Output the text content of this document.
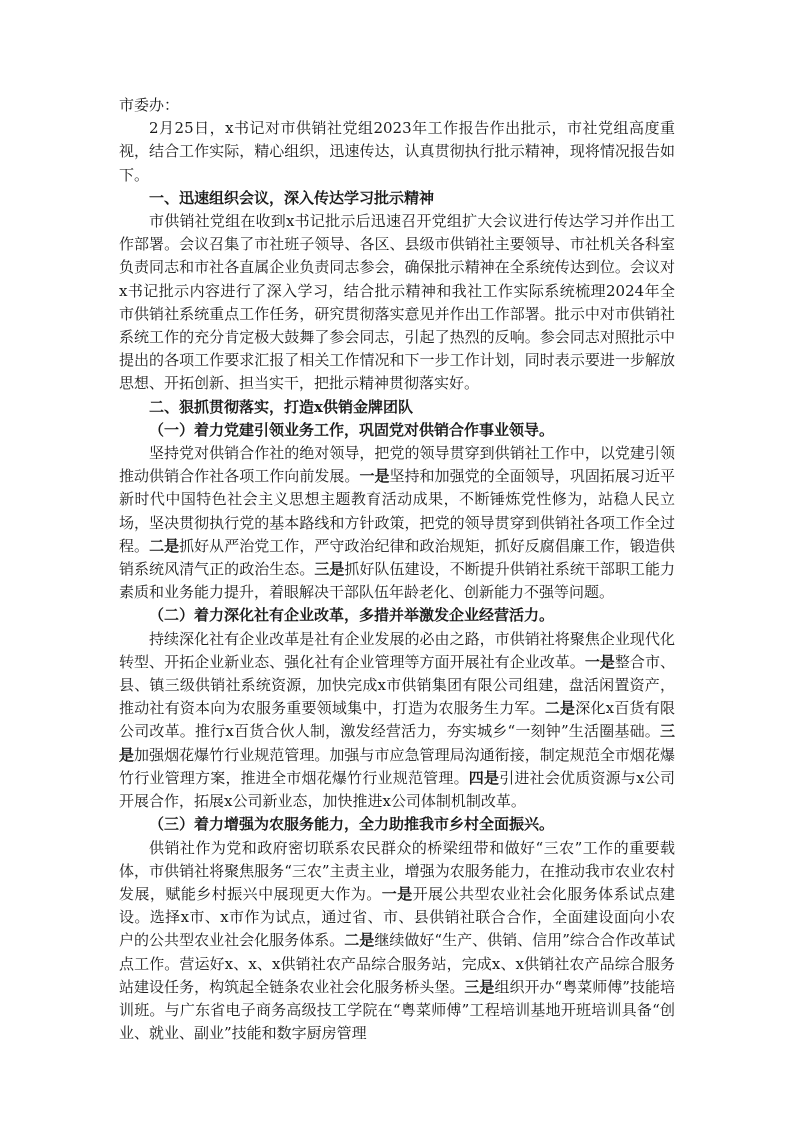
市委办：

2月25日，x书记对市供销社党组2023年工作报告作出批示，市社党组高度重视，结合工作实际，精心组织，迅速传达，认真贯彻执行批示精神，现将情况报告如下。

一、迅速组织会议，深入传达学习批示精神

市供销社党组在收到x书记批示后迅速召开党组扩大会议进行传达学习并作出工作部署。会议召集了市社班子领导、各区、县级市供销社主要领导、市社机关各科室负责同志和市社各直属企业负责同志参会，确保批示精神在全系统传达到位。会议对x书记批示内容进行了深入学习，结合批示精神和我社工作实际系统梳理2024年全市供销社系统重点工作任务，研究贯彻落实意见并作出工作部署。批示中对市供销社系统工作的充分肯定极大鼓舞了参会同志，引起了热烈的反响。参会同志对照批示中提出的各项工作要求汇报了相关工作情况和下一步工作计划，同时表示要进一步解放思想、开拓创新、担当实干，把批示精神贯彻落实好。

二、狠抓贯彻落实，打造x供销金牌团队

（一）着力党建引领业务工作，巩固党对供销合作事业领导。

坚持党对供销合作社的绝对领导，把党的领导贯穿到供销社工作中，以党建引领推动供销合作社各项工作向前发展。一是坚持和加强党的全面领导，巩固拓展习近平新时代中国特色社会主义思想主题教育活动成果，不断锤炼党性修为，站稳人民立场，坚决贯彻执行党的基本路线和方针政策，把党的领导贯穿到供销社各项工作全过程。二是抓好从严治党工作，严守政治纪律和政治规矩，抓好反腐倡廉工作，锻造供销系统风清气正的政治生态。三是抓好队伍建设，不断提升供销社系统干部职工能力素质和业务能力提升，着眼解决干部队伍年龄老化、创新能力不强等问题。

（二）着力深化社有企业改革，多措并举激发企业经营活力。

持续深化社有企业改革是社有企业发展的必由之路，市供销社将聚焦企业现代化转型、开拓企业新业态、强化社有企业管理等方面开展社有企业改革。一是整合市、县、镇三级供销社系统资源，加快完成x市供销集团有限公司组建，盘活闲置资产，推动社有资本向为农服务重要领域集中，打造为农服务生力军。二是深化x百货有限公司改革。推行x百货合伙人制，激发经营活力，夯实城乡“一刻钟”生活圈基础。三是加强烟花爆竹行业规范管理。加强与市应急管理局沟通衔接，制定规范全市烟花爆竹行业管理方案，推进全市烟花爆竹行业规范管理。四是引进社会优质资源与x公司开展合作，拓展x公司新业态，加快推进x公司体制机制改革。

（三）着力增强为农服务能力，全力助推我市乡村全面振兴。

供销社作为党和政府密切联系农民群众的桥梁纽带和做好“三农”工作的重要载体，市供销社将聚焦服务“三农”主责主业，增强为农服务能力，在推动我市农业农村发展，赋能乡村振兴中展现更大作为。一是开展公共型农业社会化服务体系试点建设。选择x市、x市作为试点，通过省、市、县供销社联合合作，全面建设面向小农户的公共型农业社会化服务体系。二是继续做好“生产、供销、信用”综合合作改革试点工作。营运好x、x、x供销社农产品综合服务站，完成x、x供销社农产品综合服务站建设任务，构筑起全链条农业社会化服务桥头堡。三是组织开办“粤菜师傅”技能培训班。与广东省电子商务高级技工学院在“粤菜师傅”工程培训基地开班培训具备“创业、就业、副业”技能和数字厨房管理
